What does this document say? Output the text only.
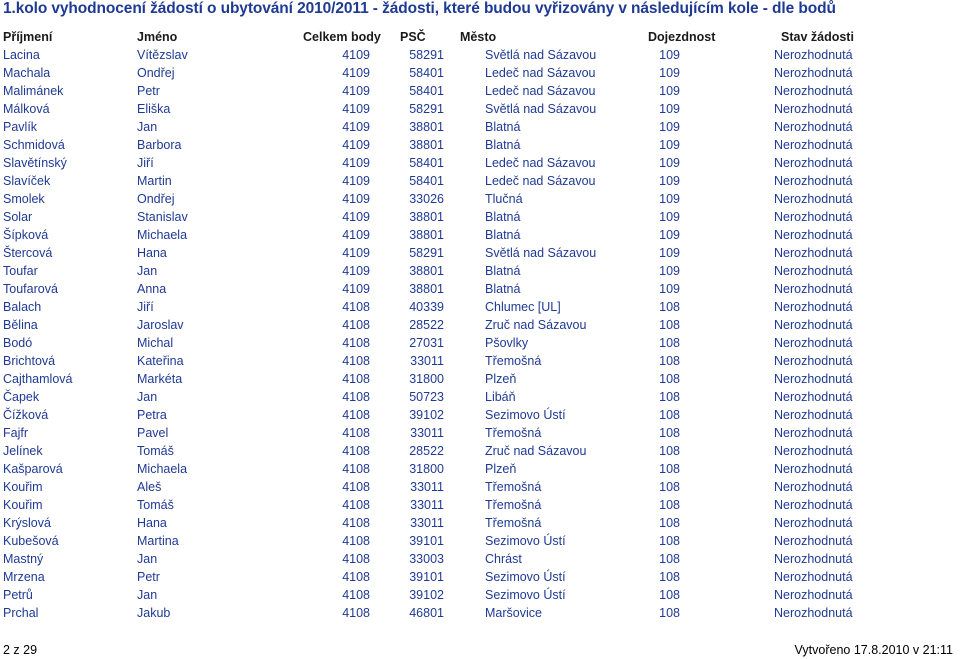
1.kolo vyhodnocení žádostí o ubytování 2010/2011 - žádosti, které budou vyřizovány v následujícím kole - dle bodů
Příjmení	Jméno	Celkem body	PSČ	Město	Dojezdnost	Stav žádosti
Lacina	Vítězslav	4109	58291	Světlá nad Sázavou	109	Nerozhodnutá
Machala	Ondřej	4109	58401	Ledeč nad Sázavou	109	Nerozhodnutá
Malimánek	Petr	4109	58401	Ledeč nad Sázavou	109	Nerozhodnutá
Málková	Eliška	4109	58291	Světlá nad Sázavou	109	Nerozhodnutá
Pavlík	Jan	4109	38801	Blatná	109	Nerozhodnutá
Schmidová	Barbora	4109	38801	Blatná	109	Nerozhodnutá
Slavětínský	Jiří	4109	58401	Ledeč nad Sázavou	109	Nerozhodnutá
Slavíček	Martin	4109	58401	Ledeč nad Sázavou	109	Nerozhodnutá
Smolek	Ondřej	4109	33026	Tlučná	109	Nerozhodnutá
Solar	Stanislav	4109	38801	Blatná	109	Nerozhodnutá
Šípková	Michaela	4109	38801	Blatná	109	Nerozhodnutá
Štercová	Hana	4109	58291	Světlá nad Sázavou	109	Nerozhodnutá
Toufar	Jan	4109	38801	Blatná	109	Nerozhodnutá
Toufarová	Anna	4109	38801	Blatná	109	Nerozhodnutá
Balach	Jiří	4108	40339	Chlumec [UL]	108	Nerozhodnutá
Bělina	Jaroslav	4108	28522	Zruč nad Sázavou	108	Nerozhodnutá
Bodó	Michal	4108	27031	Pšovlky	108	Nerozhodnutá
Brichtová	Kateřina	4108	33011	Třemošná	108	Nerozhodnutá
Cajthamlová	Markéta	4108	31800	Plzeň	108	Nerozhodnutá
Čapek	Jan	4108	50723	Libáň	108	Nerozhodnutá
Čížková	Petra	4108	39102	Sezimovo Ústí	108	Nerozhodnutá
Fajfr	Pavel	4108	33011	Třemošná	108	Nerozhodnutá
Jelínek	Tomáš	4108	28522	Zruč nad Sázavou	108	Nerozhodnutá
Kašparová	Michaela	4108	31800	Plzeň	108	Nerozhodnutá
Kouřim	Aleš	4108	33011	Třemošná	108	Nerozhodnutá
Kouřim	Tomáš	4108	33011	Třemošná	108	Nerozhodnutá
Krýslová	Hana	4108	33011	Třemošná	108	Nerozhodnutá
Kubešová	Martina	4108	39101	Sezimovo Ústí	108	Nerozhodnutá
Mastný	Jan	4108	33003	Chrást	108	Nerozhodnutá
Mrzena	Petr	4108	39101	Sezimovo Ústí	108	Nerozhodnutá
Petrů	Jan	4108	39102	Sezimovo Ústí	108	Nerozhodnutá
Prchal	Jakub	4108	46801	Maršovice	108	Nerozhodnutá
2 z 29	Vytvořeno 17.8.2010 v 21:11
